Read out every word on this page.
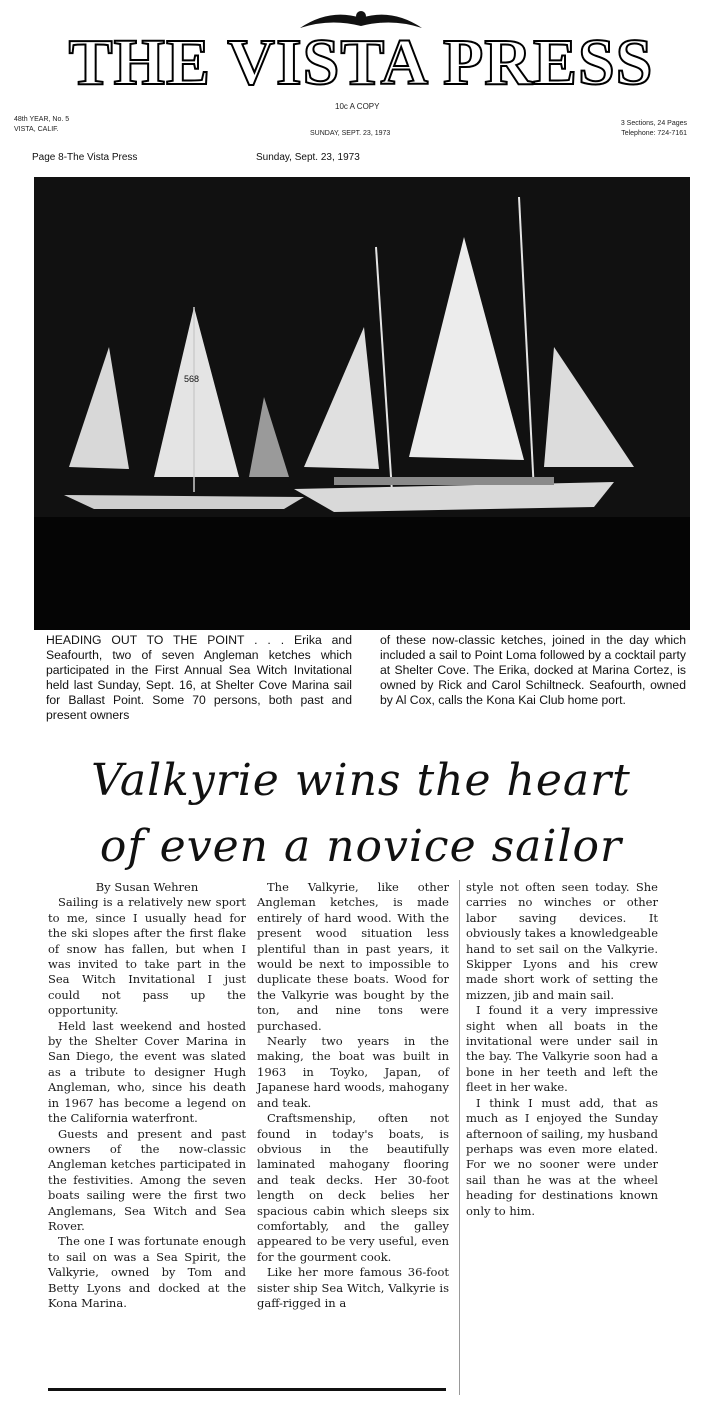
THE VISTA PRESS
10c A COPY
48th YEAR, No. 5
VISTA, CALIF.
SUNDAY, SEPT. 23, 1973
3 Sections, 24 Pages
Telephone: 724-7161
Page 8-The Vista Press	Sunday, Sept. 23, 1973
568
HEADING OUT TO THE POINT . . . Erika and Seafourth, two of seven Angleman ketches which participated in the First Annual Sea Witch Invitational held last Sunday, Sept. 16, at Shelter Cove Marina sail for Ballast Point. Some 70 persons, both past and present owners
of these now-classic ketches, joined in the day which included a sail to Point Loma followed by a cocktail party at Shelter Cove. The Erika, docked at Marina Cortez, is owned by Rick and Carol Schiltneck. Seafourth, owned by Al Cox, calls the Kona Kai Club home port.
Valkyrie wins the heart
of even a novice sailor

By Susan Wehren

Sailing is a relatively new sport to me, since I usually head for the ski slopes after the first flake of snow has fallen, but when I was invited to take part in the Sea Witch Invitational I just could not pass up the opportunity.

Held last weekend and hosted by the Shelter Cover Marina in San Diego, the event was slated as a tribute to designer Hugh Angleman, who, since his death in 1967 has become a legend on the California waterfront.

Guests and present and past owners of the now-classic Angleman ketches participated in the festivities. Among the seven boats sailing were the first two Anglemans, Sea Witch and Sea Rover.

The one I was fortunate enough to sail on was a Sea Spirit, the Valkyrie, owned by Tom and Betty Lyons and docked at the Kona Marina.

The Valkyrie, like other Angleman ketches, is made entirely of hard wood. With the present wood situation less plentiful than in past years, it would be next to impossible to duplicate these boats. Wood for the Valkyrie was bought by the ton, and nine tons were purchased.

Nearly two years in the making, the boat was built in 1963 in Toyko, Japan, of Japanese hard woods, mahogany and teak.

Craftsmenship, often not found in today's boats, is obvious in the beautifully laminated mahogany flooring and teak decks. Her 30-foot length on deck belies her spacious cabin which sleeps six comfortably, and the galley appeared to be very useful, even for the gourment cook.

Like her more famous 36-foot sister ship Sea Witch, Valkyrie is gaff-rigged in a

style not often seen today. She carries no winches or other labor saving devices. It obviously takes a knowledgeable hand to set sail on the Valkyrie. Skipper Lyons and his crew made short work of setting the mizzen, jib and main sail.

I found it a very impressive sight when all boats in the invitational were under sail in the bay. The Valkyrie soon had a bone in her teeth and left the fleet in her wake.

I think I must add, that as much as I enjoyed the Sunday afternoon of sailing, my husband perhaps was even more elated. For we no sooner were under sail than he was at the wheel heading for destinations known only to him.
